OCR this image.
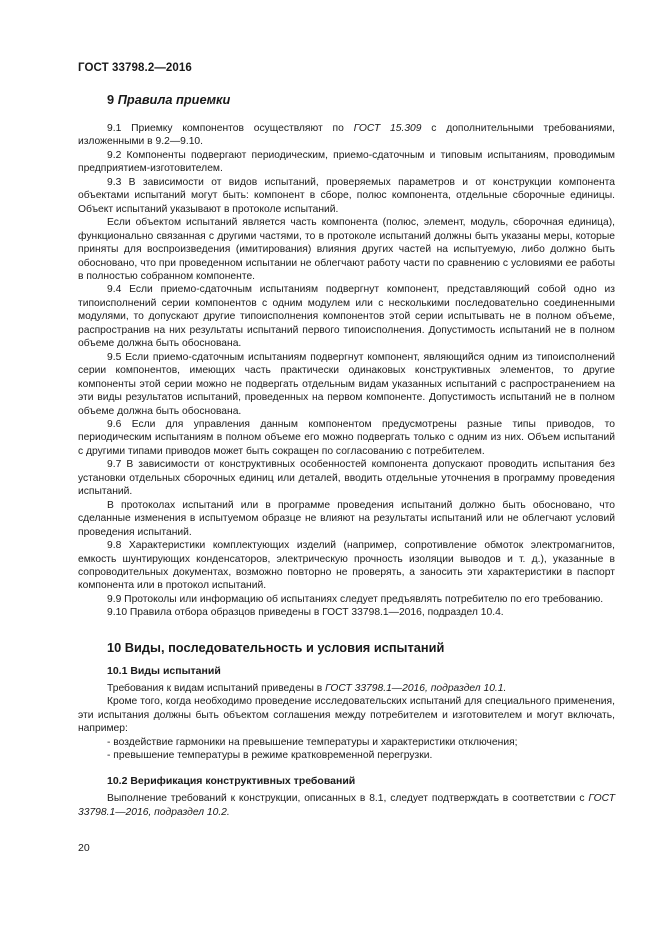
ГОСТ 33798.2—2016

9 Правила приемки

9.1 Приемку компонентов осуществляют по ГОСТ 15.309 с дополнительными требованиями, изложенными в 9.2—9.10.

9.2 Компоненты подвергают периодическим, приемо-сдаточным и типовым испытаниям, проводимым предприятием-изготовителем.

9.3 В зависимости от видов испытаний, проверяемых параметров и от конструкции компонента объектами испытаний могут быть: компонент в сборе, полюс компонента, отдельные сборочные единицы. Объект испытаний указывают в протоколе испытаний.

Если объектом испытаний является часть компонента (полюс, элемент, модуль, сборочная единица), функционально связанная с другими частями, то в протоколе испытаний должны быть указаны меры, которые приняты для воспроизведения (имитирования) влияния других частей на испытуемую, либо должно быть обосновано, что при проведенном испытании не облегчают работу части по сравнению с условиями ее работы в полностью собранном компоненте.

9.4 Если приемо-сдаточным испытаниям подвергнут компонент, представляющий собой одно из типоисполнений серии компонентов с одним модулем или с несколькими последовательно соединенными модулями, то допускают другие типоисполнения компонентов этой серии испытывать не в полном объеме, распространив на них результаты испытаний первого типоисполнения. Допустимость испытаний не в полном объеме должна быть обоснована.

9.5 Если приемо-сдаточным испытаниям подвергнут компонент, являющийся одним из типоисполнений серии компонентов, имеющих часть практически одинаковых конструктивных элементов, то другие компоненты этой серии можно не подвергать отдельным видам указанных испытаний с распространением на эти виды результатов испытаний, проведенных на первом компоненте. Допустимость испытаний не в полном объеме должна быть обоснована.

9.6 Если для управления данным компонентом предусмотрены разные типы приводов, то периодическим испытаниям в полном объеме его можно подвергать только с одним из них. Объем испытаний с другими типами приводов может быть сокращен по согласованию с потребителем.

9.7 В зависимости от конструктивных особенностей компонента допускают проводить испытания без установки отдельных сборочных единиц или деталей, вводить отдельные уточнения в программу проведения испытаний.

В протоколах испытаний или в программе проведения испытаний должно быть обосновано, что сделанные изменения в испытуемом образце не влияют на результаты испытаний или не облегчают условий проведения испытаний.

9.8 Характеристики комплектующих изделий (например, сопротивление обмоток электромагнитов, емкость шунтирующих конденсаторов, электрическую прочность изоляции выводов и т. д.), указанные в сопроводительных документах, возможно повторно не проверять, а заносить эти характеристики в паспорт компонента или в протокол испытаний.

9.9 Протоколы или информацию об испытаниях следует предъявлять потребителю по его требованию.

9.10 Правила отбора образцов приведены в ГОСТ 33798.1—2016, подраздел 10.4.

10 Виды, последовательность и условия испытаний

10.1 Виды испытаний

Требования к видам испытаний приведены в ГОСТ 33798.1—2016, подраздел 10.1.

Кроме того, когда необходимо проведение исследовательских испытаний для специального применения, эти испытания должны быть объектом соглашения между потребителем и изготовителем и могут включать, например:

- воздействие гармоники на превышение температуры и характеристики отключения;

- превышение температуры в режиме кратковременной перегрузки.

10.2 Верификация конструктивных требований

Выполнение требований к конструкции, описанных в 8.1, следует подтверждать в соответствии с ГОСТ 33798.1—2016, подраздел 10.2.

20
